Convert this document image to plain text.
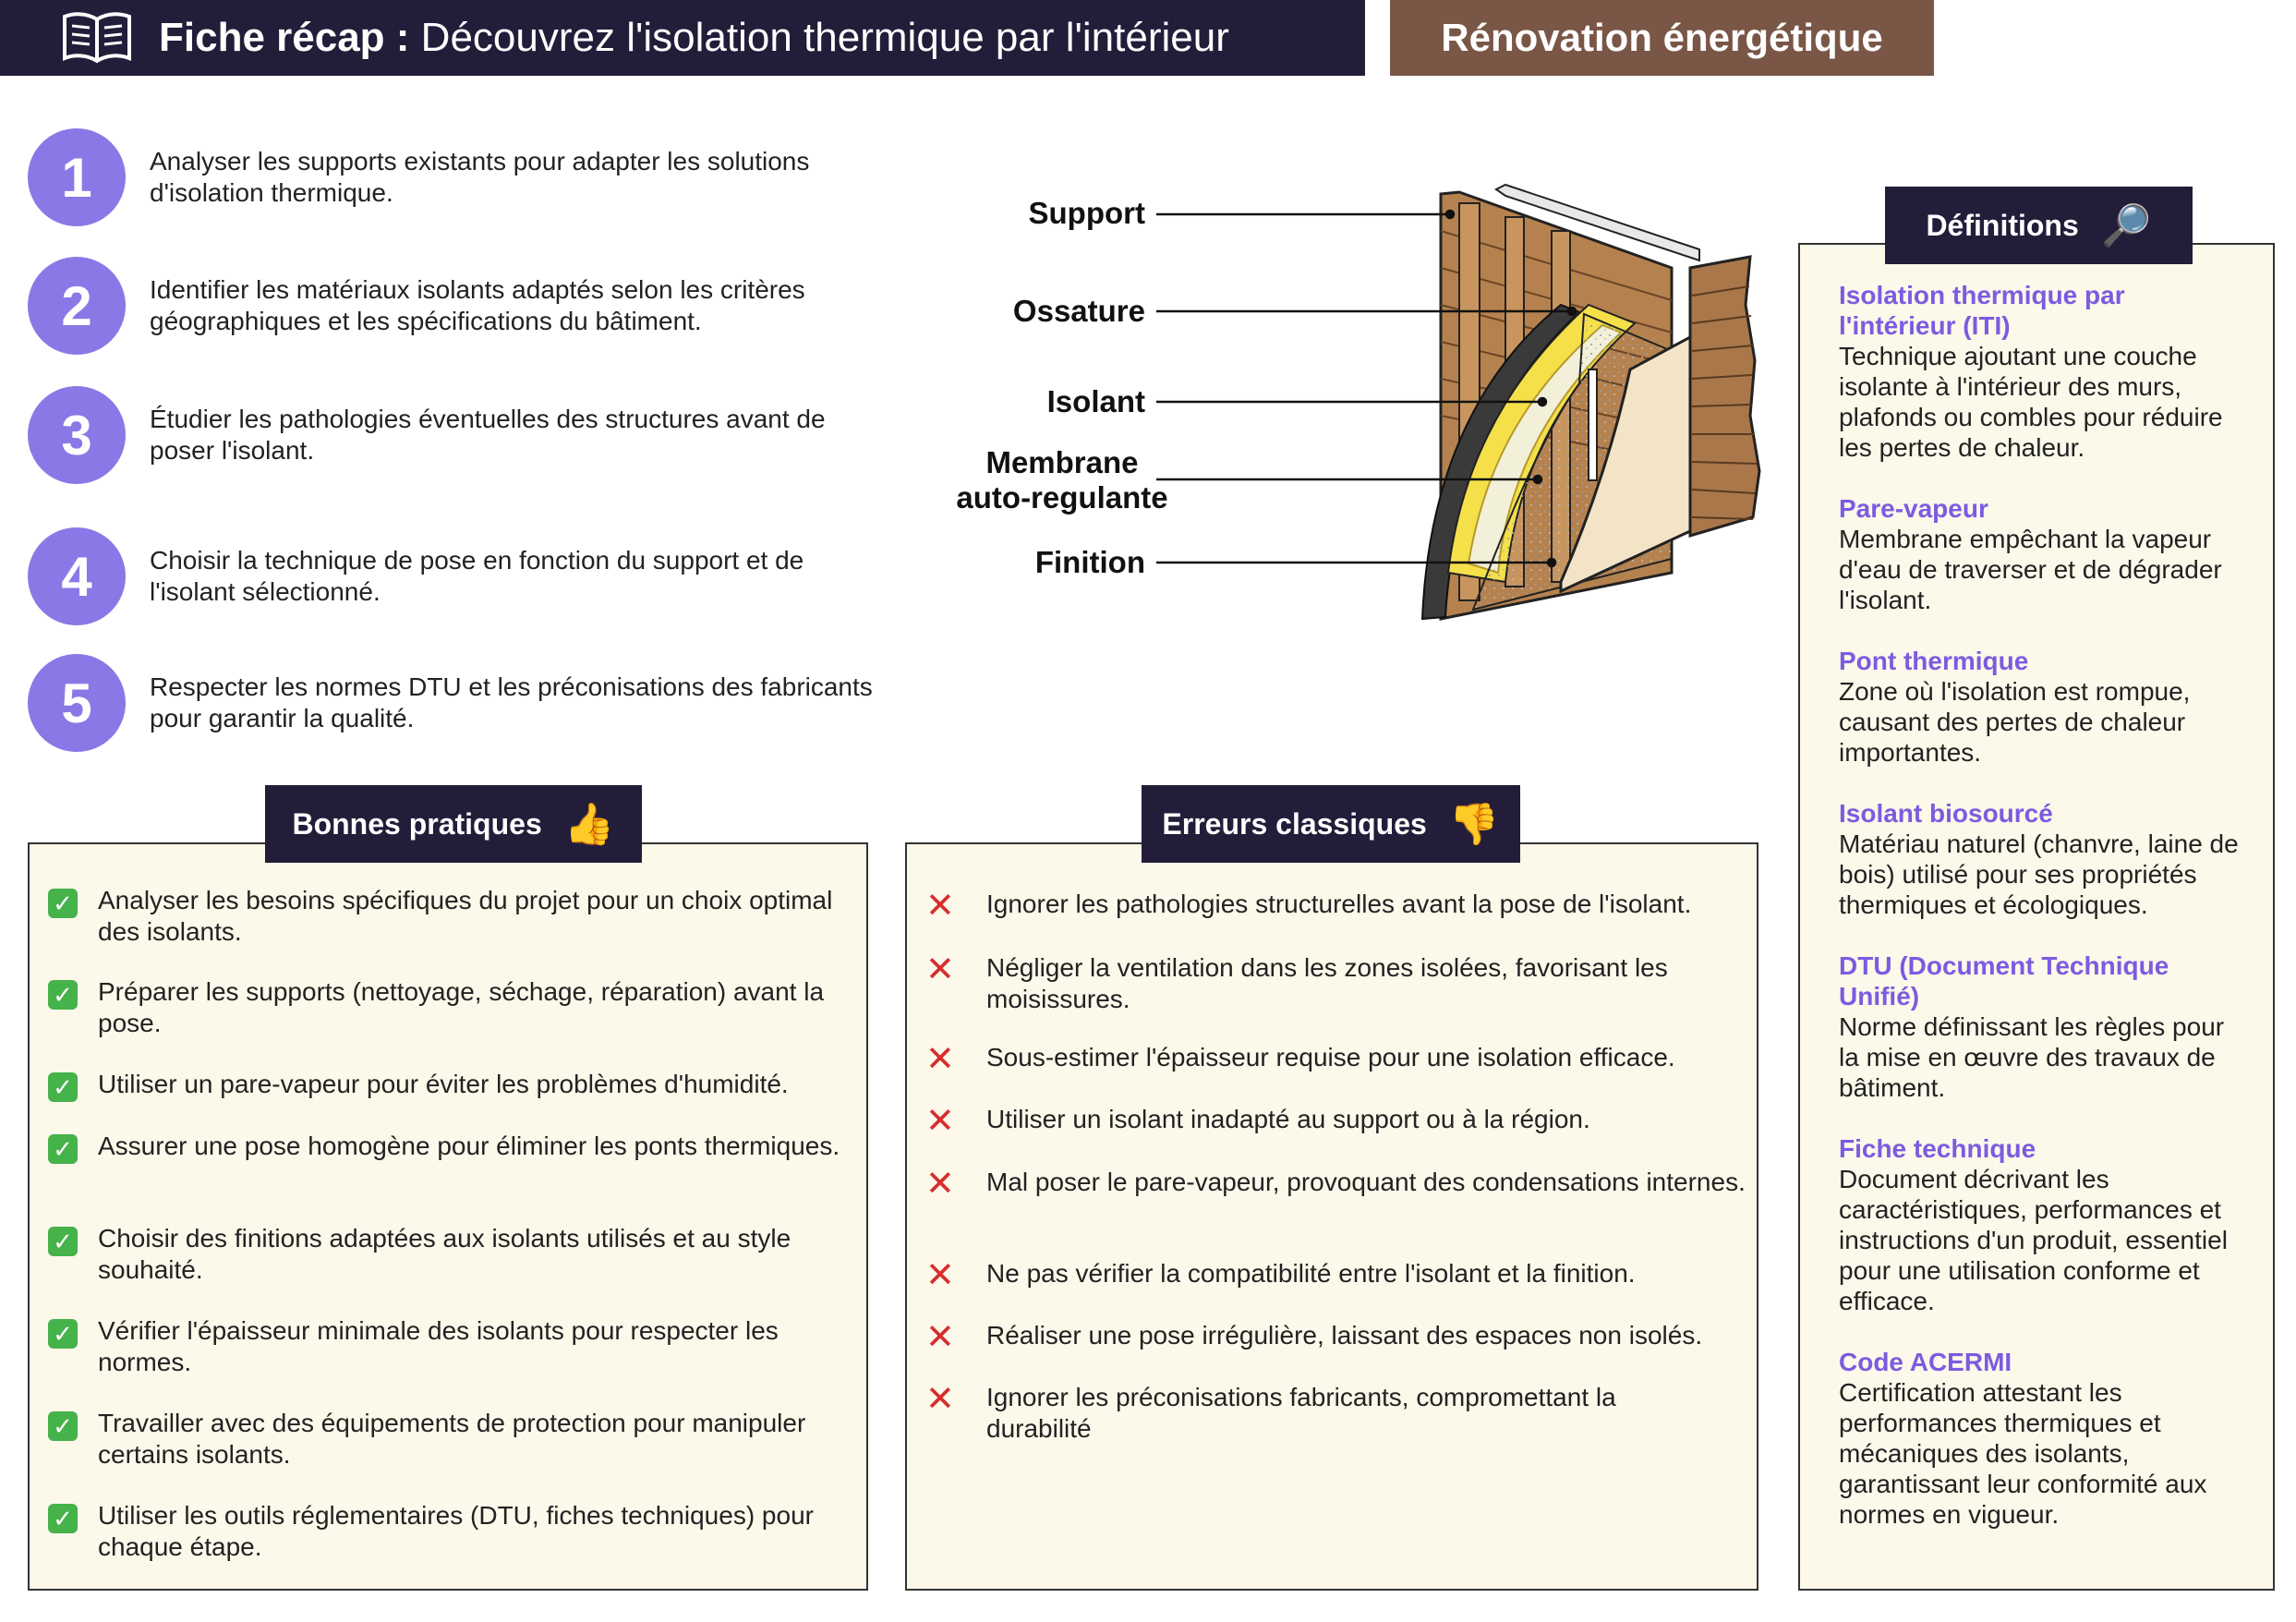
Fiche récap : Découvrez l'isolation thermique par l'intérieur	Rénovation énergétique
1	Analyser les supports existants pour adapter les solutions d'isolation thermique.
2	Identifier les matériaux isolants adaptés selon les critères géographiques et les spécifications du bâtiment.
3	Étudier les pathologies éventuelles des structures avant de poser l'isolant.
4	Choisir la technique de pose en fonction du support et de l'isolant sélectionné.
5	Respecter les normes DTU et les préconisations des fabricants pour garantir la qualité.
Support
Ossature
Isolant
Membrane auto-regulante
Finition
✓ Analyser les besoins spécifiques du projet pour un choix optimal des isolants.
✓ Préparer les supports (nettoyage, séchage, réparation) avant la pose.
✓ Utiliser un pare-vapeur pour éviter les problèmes d'humidité.
✓ Assurer une pose homogène pour éliminer les ponts thermiques.
✓ Choisir des finitions adaptées aux isolants utilisés et au style souhaité.
✓ Vérifier l'épaisseur minimale des isolants pour respecter les normes.
✓ Travailler avec des équipements de protection pour manipuler certains isolants.
✓ Utiliser les outils réglementaires (DTU, fiches techniques) pour chaque étape.
Bonnes pratiques 👍
✕ Ignorer les pathologies structurelles avant la pose de l'isolant.
✕ Négliger la ventilation dans les zones isolées, favorisant les moisissures.
✕ Sous-estimer l'épaisseur requise pour une isolation efficace.
✕ Utiliser un isolant inadapté au support ou à la région.
✕ Mal poser le pare-vapeur, provoquant des condensations internes.
✕ Ne pas vérifier la compatibilité entre l'isolant et la finition.
✕ Réaliser une pose irrégulière, laissant des espaces non isolés.
✕ Ignorer les préconisations fabricants, compromettant la durabilité
Erreurs classiques 👎
Isolation thermique par l'intérieur (ITI)
Technique ajoutant une couche isolante à l'intérieur des murs, plafonds ou combles pour réduire les pertes de chaleur.
Pare-vapeur
Membrane empêchant la vapeur d'eau de traverser et de dégrader l'isolant.
Pont thermique
Zone où l'isolation est rompue, causant des pertes de chaleur importantes.
Isolant biosourcé
Matériau naturel (chanvre, laine de bois) utilisé pour ses propriétés thermiques et écologiques.
DTU (Document Technique Unifié)
Norme définissant les règles pour la mise en œuvre des travaux de bâtiment.
Fiche technique
Document décrivant les caractéristiques, performances et instructions d'un produit, essentiel pour une utilisation conforme et efficace.
Code ACERMI
Certification attestant les performances thermiques et mécaniques des isolants, garantissant leur conformité aux normes en vigueur.
Définitions 🔎
